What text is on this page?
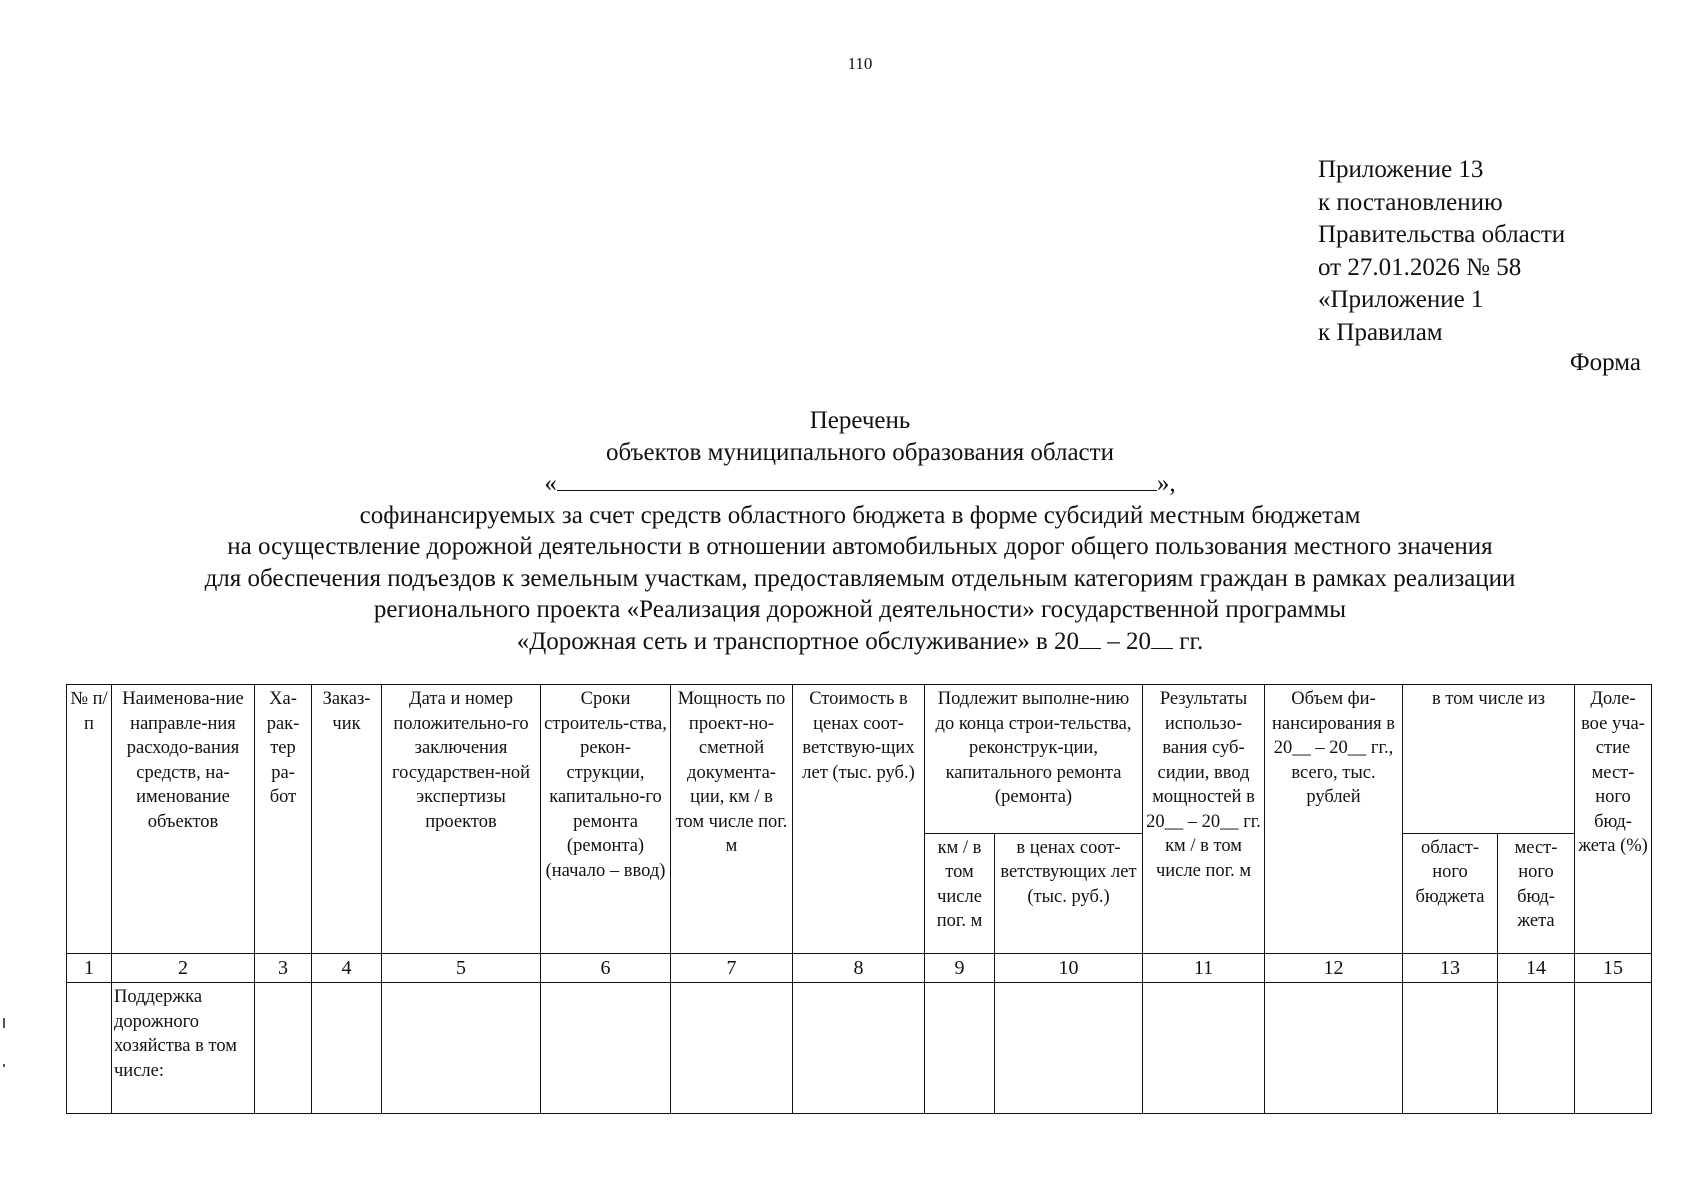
110
Приложение 13
к постановлению
Правительства области
от 27.01.2026 № 58
«Приложение 1
к Правилам
Форма
Перечень
объектов муниципального образования области
«	»,
софинансируемых за счет средств областного бюджета в форме субсидий местным бюджетам
на осуществление дорожной деятельности в отношении автомобильных дорог общего пользования местного значения
для обеспечения подъездов к земельным участкам, предоставляемым отдельным категориям граждан в рамках реализации
регионального проекта «Реализация дорожной деятельности» государственной программы
«Дорожная сеть и транспортное обслуживание» в 20 – 20 гг.
№ п/п	Наименова-ние направле-ния расходо-вания средств, на-именование объектов	Ха-рак-тер ра-бот	Заказ-чик	Дата и номер положительно-го заключения государствен-ной экспертизы проектов	Сроки строитель-ства, рекон-струкции, капитально-го ремонта (ремонта) (начало – ввод)	Мощность по проект-но-сметной документа-ции, км / в том числе пог. м	Стоимость в ценах соот-ветствую-щих лет (тыс. руб.)	Подлежит выполне-нию до конца строи-тельства, реконструк-ции, капитального ремонта (ремонта)		Результаты использо-вания суб-сидии, ввод мощностей в 20__ – 20__ гг. км / в том числе пог. м	Объем фи-нансирования в 20__ – 20__ гг., всего, тыс. рублей	в том числе из		Доле-вое уча-стие мест-ного бюд-жета (%)
								км / в том числе пог. м	в ценах соот-ветствующих лет (тыс. руб.)			област-ного бюджета	мест-ного бюд-жета	
1	2	3	4	5	6	7	8	9	10	11	12	13	14	15
	Поддержка дорожного хозяйства в том числе:													
